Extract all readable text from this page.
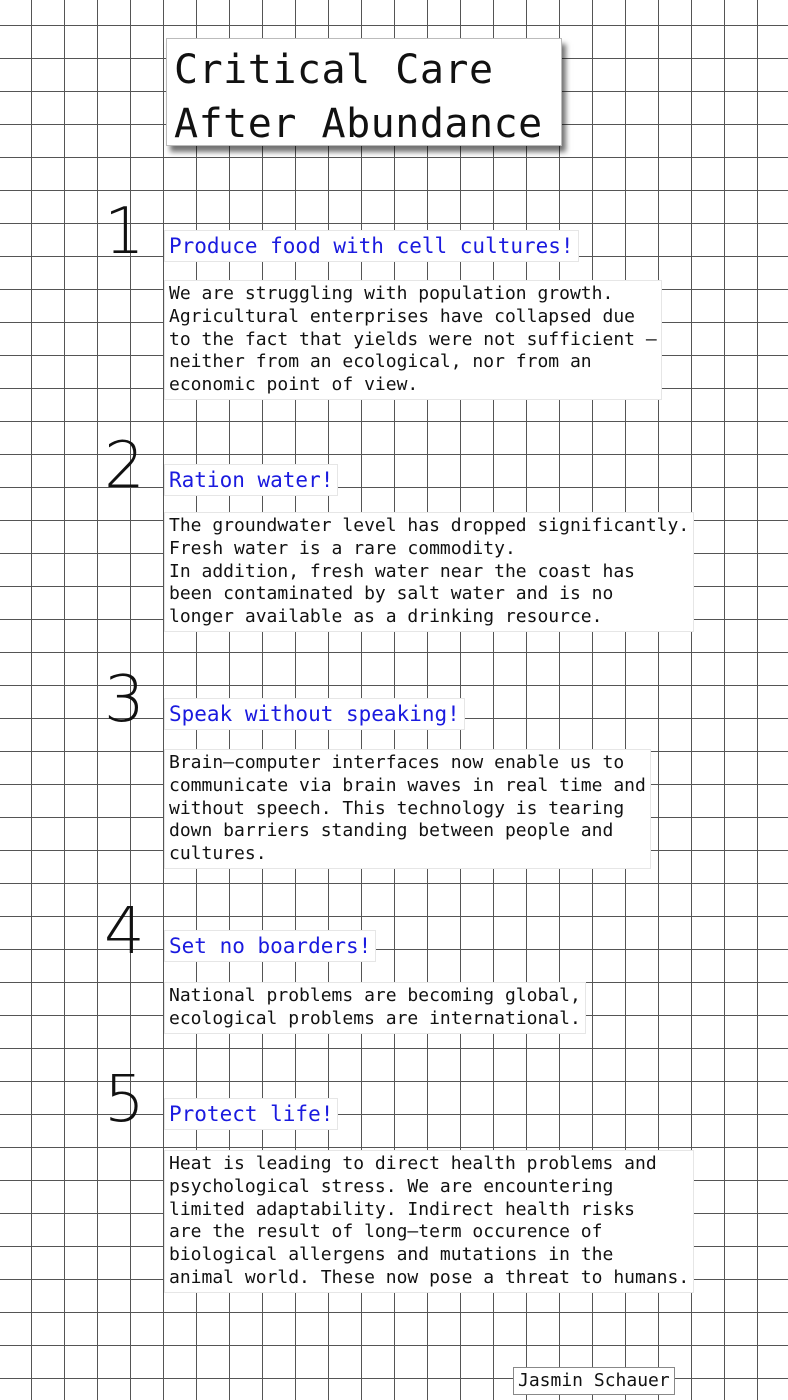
Critical Care
After Abundance
1 Produce food with cell cultures!
We are struggling with population growth.
Agricultural enterprises have collapsed due
to the fact that yields were not sufficient –
neither from an ecological, nor from an
economic point of view.
2 Ration water!
The groundwater level has dropped significantly.
Fresh water is a rare commodity.
In addition, fresh water near the coast has
been contaminated by salt water and is no
longer available as a drinking resource.
3 Speak without speaking!
Brain–computer interfaces now enable us to
communicate via brain waves in real time and
without speech. This technology is tearing
down barriers standing between people and
cultures.
4 Set no boarders!
National problems are becoming global,
ecological problems are international.
5 Protect life!
Heat is leading to direct health problems and
psychological stress. We are encountering
limited adaptability. Indirect health risks
are the result of long–term occurence of
biological allergens and mutations in the
animal world. These now pose a threat to humans.
Jasmin Schauer
